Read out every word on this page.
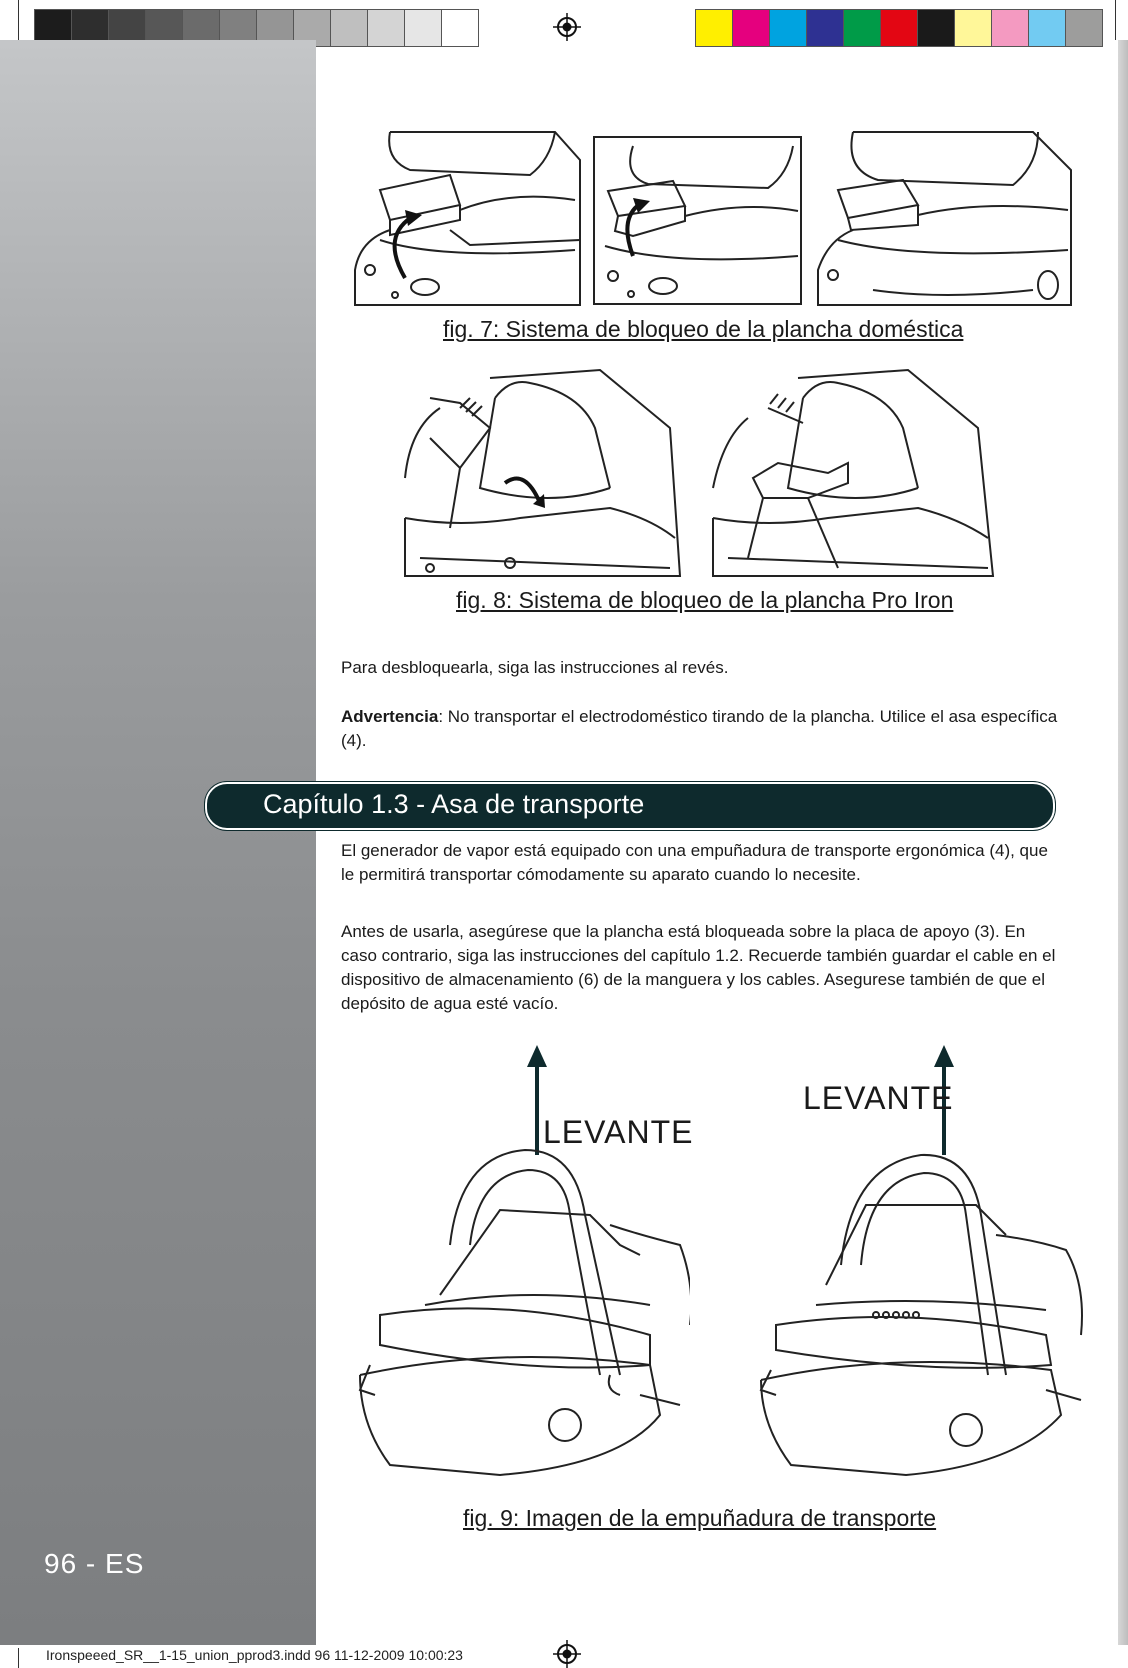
96 - ES
fig. 7: Sistema de bloqueo de la plancha doméstica
fig. 8: Sistema de bloqueo de la plancha Pro Iron
Para desbloquearla, siga las instrucciones al revés.
Advertencia: No transportar el electrodoméstico tirando de la plancha. Utilice el asa específica (4).
Capítulo 1.3 - Asa de transporte
El generador de vapor está equipado con una empuñadura de transporte ergonómica (4), que le permitirá transportar cómodamente su aparato cuando lo necesite.
Antes de usarla, asegúrese que la plancha está bloqueada sobre la placa de apoyo (3). En caso contrario, siga las instrucciones del capítulo 1.2. Recuerde también guardar el cable en el dispositivo de almacenamiento (6) de la manguera y los cables. Asegurese también de que el depósito de agua esté vacío.
LEVANTE
LEVANTE
fig. 9: Imagen de la empuñadura de transporte
Ironspeeed_SR__1-15_union_pprod3.indd 96 11-12-2009 10:00:23
